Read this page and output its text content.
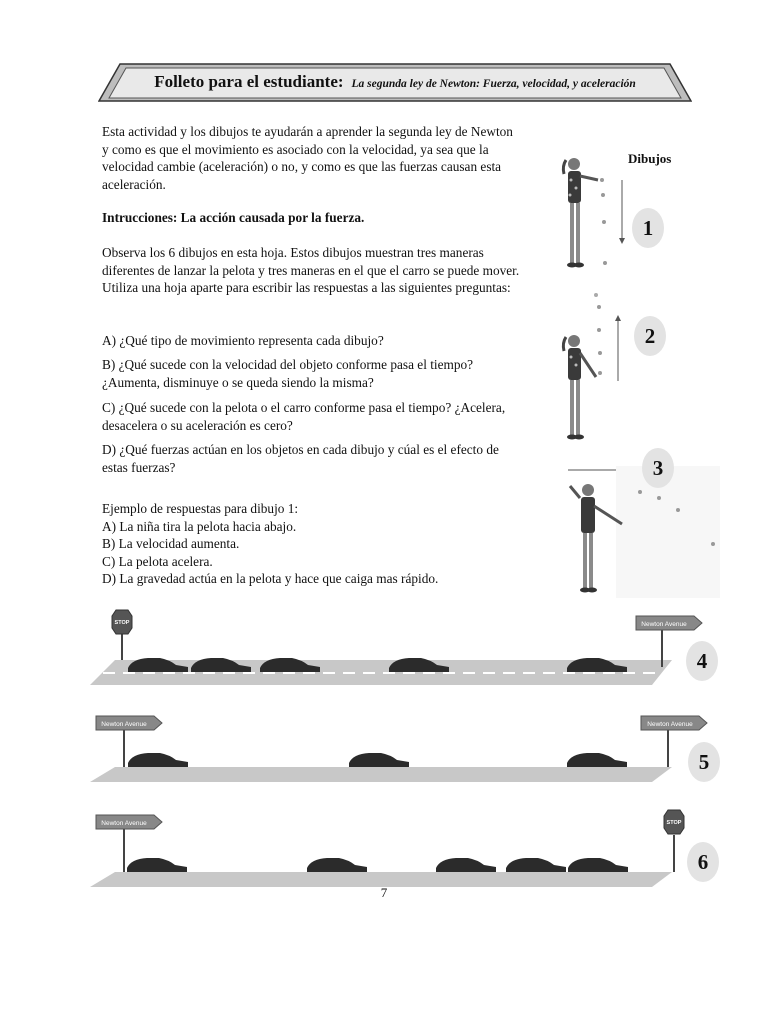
Folleto para el estudiante: La segunda ley de Newton: Fuerza, velocidad, y aceleración

Esta actividad y los dibujos te ayudarán a aprender la segunda ley de Newton y como es que el movimiento es asociado con la velocidad, ya sea que la velocidad cambie (aceleración) o no, y como es que las fuerzas causan esta aceleración.

Intrucciones: La acción causada por la fuerza.

Observa los 6 dibujos en esta hoja. Estos dibujos muestran tres maneras diferentes de lanzar la pelota y tres maneras en el que el carro se puede mover. Utiliza una hoja aparte para escribir las respuestas a las siguientes preguntas:

A) ¿Qué tipo de movimiento representa cada dibujo?

B) ¿Qué sucede con la velocidad del objeto conforme pasa el tiempo? ¿Aumenta, disminuye o se queda siendo la misma?

C) ¿Qué sucede con la pelota o el carro conforme pasa el tiempo? ¿Acelera, desacelera o su aceleración es cero?

D) ¿Qué fuerzas actúan en los objetos en cada dibujo y cúal es el efecto de estas fuerzas?

Ejemplo de respuestas para dibujo 1:

A) La niña tira la pelota hacia abajo.

B) La velocidad aumenta.

C) La pelota acelera.

D) La gravedad actúa en la pelota y hace que caiga mas rápido.

Dibujos
1
2
3
STOP	Newton Avenue
4
Newton Avenue	Newton Avenue
5
Newton Avenue	STOP
6
7
